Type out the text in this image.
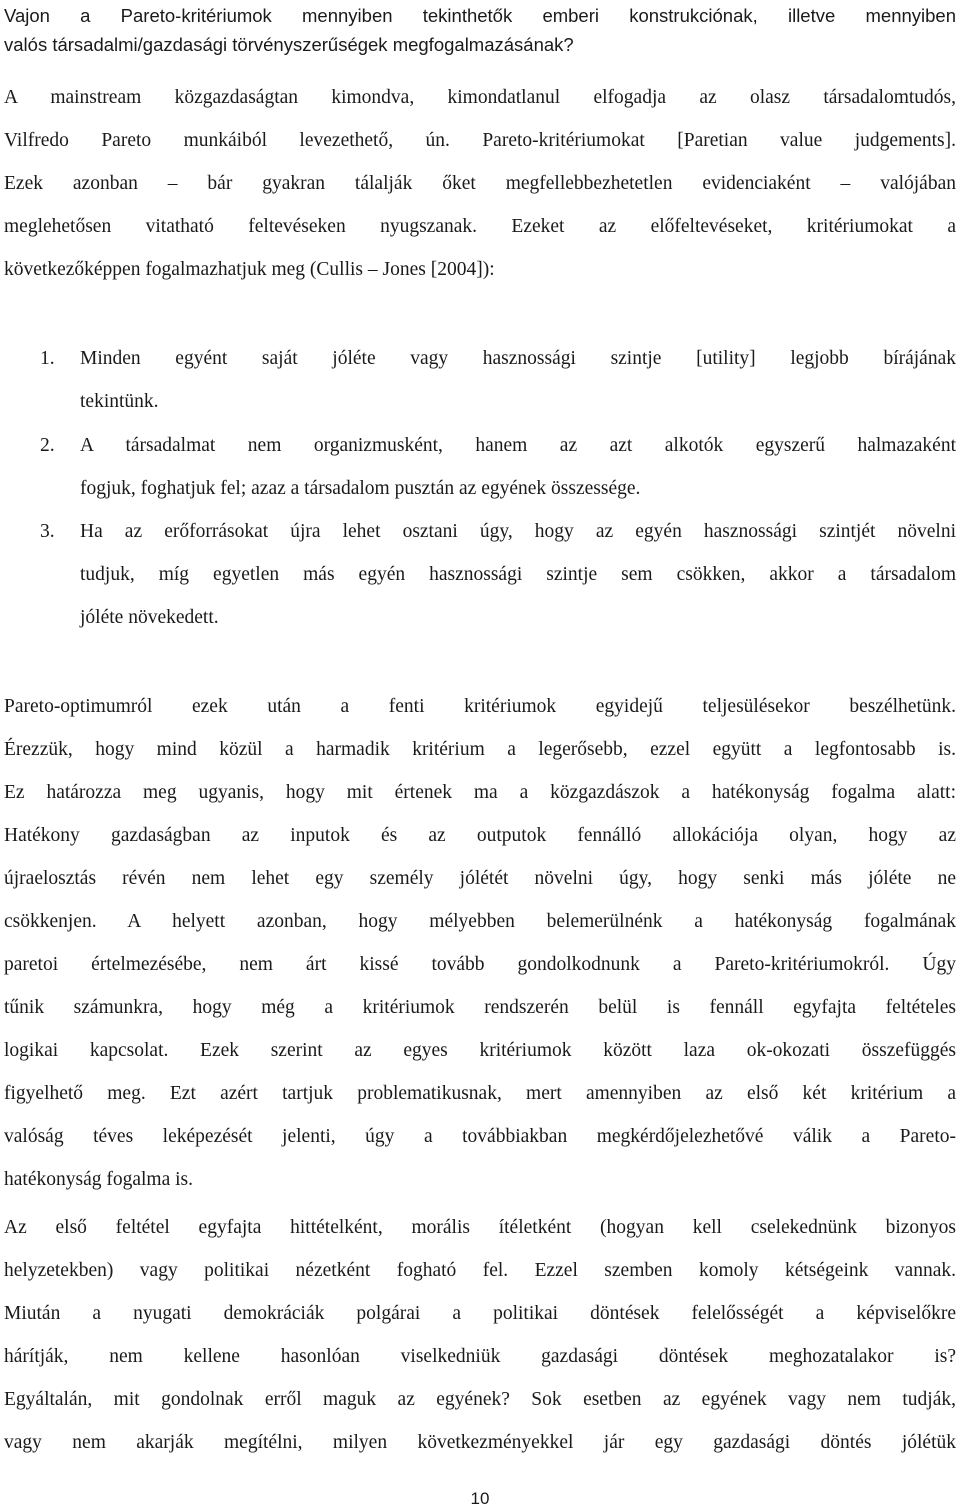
Vajon a Pareto-kritériumok mennyiben tekinthetők emberi konstrukciónak, illetve mennyiben
valós társadalmi/gazdasági törvényszerűségek megfogalmazásának?
A mainstream közgazdaságtan kimondva, kimondatlanul elfogadja az olasz társadalomtudós,
Vilfredo Pareto munkáiból levezethető, ún. Pareto-kritériumokat [Paretian value judgements].
Ezek azonban – bár gyakran tálalják őket megfellebbezhetetlen evidenciaként – valójában
meglehetősen vitatható feltevéseken nyugszanak. Ezeket az előfeltevéseket, kritériumokat a
következőképpen fogalmazhatjuk meg (Cullis – Jones [2004]):
1. Minden egyént saját jóléte vagy hasznossági szintje [utility] legjobb bírájának
tekintünk.
2. A társadalmat nem organizmusként, hanem az azt alkotók egyszerű halmazaként
fogjuk, foghatjuk fel; azaz a társadalom pusztán az egyének összessége.
3. Ha az erőforrásokat újra lehet osztani úgy, hogy az egyén hasznossági szintjét növelni
tudjuk, míg egyetlen más egyén hasznossági szintje sem csökken, akkor a társadalom
jóléte növekedett.
Pareto-optimumról ezek után a fenti kritériumok egyidejű teljesülésekor beszélhetünk.
Érezzük, hogy mind közül a harmadik kritérium a legerősebb, ezzel együtt a legfontosabb is.
Ez határozza meg ugyanis, hogy mit értenek ma a közgazdászok a hatékonyság fogalma alatt:
Hatékony gazdaságban az inputok és az outputok fennálló allokációja olyan, hogy az
újraelosztás révén nem lehet egy személy jólétét növelni úgy, hogy senki más jóléte ne
csökkenjen. A helyett azonban, hogy mélyebben belemerülnénk a hatékonyság fogalmának
paretoi értelmezésébe, nem árt kissé tovább gondolkodnunk a Pareto-kritériumokról. Úgy
tűnik számunkra, hogy még a kritériumok rendszerén belül is fennáll egyfajta feltételes
logikai kapcsolat. Ezek szerint az egyes kritériumok között laza ok-okozati összefüggés
figyelhető meg. Ezt azért tartjuk problematikusnak, mert amennyiben az első két kritérium a
valóság téves leképezését jelenti, úgy a továbbiakban megkérdőjelezhetővé válik a Pareto-
hatékonyság fogalma is.
Az első feltétel egyfajta hittételként, morális ítéletként (hogyan kell cselekednünk bizonyos
helyzetekben) vagy politikai nézetként fogható fel. Ezzel szemben komoly kétségeink vannak.
Miután a nyugati demokráciák polgárai a politikai döntések felelősségét a képviselőkre
hárítják, nem kellene hasonlóan viselkedniük gazdasági döntések meghozatalakor is?
Egyáltalán, mit gondolnak erről maguk az egyének? Sok esetben az egyének vagy nem tudják,
vagy nem akarják megítélni, milyen következményekkel jár egy gazdasági döntés jólétük
10
